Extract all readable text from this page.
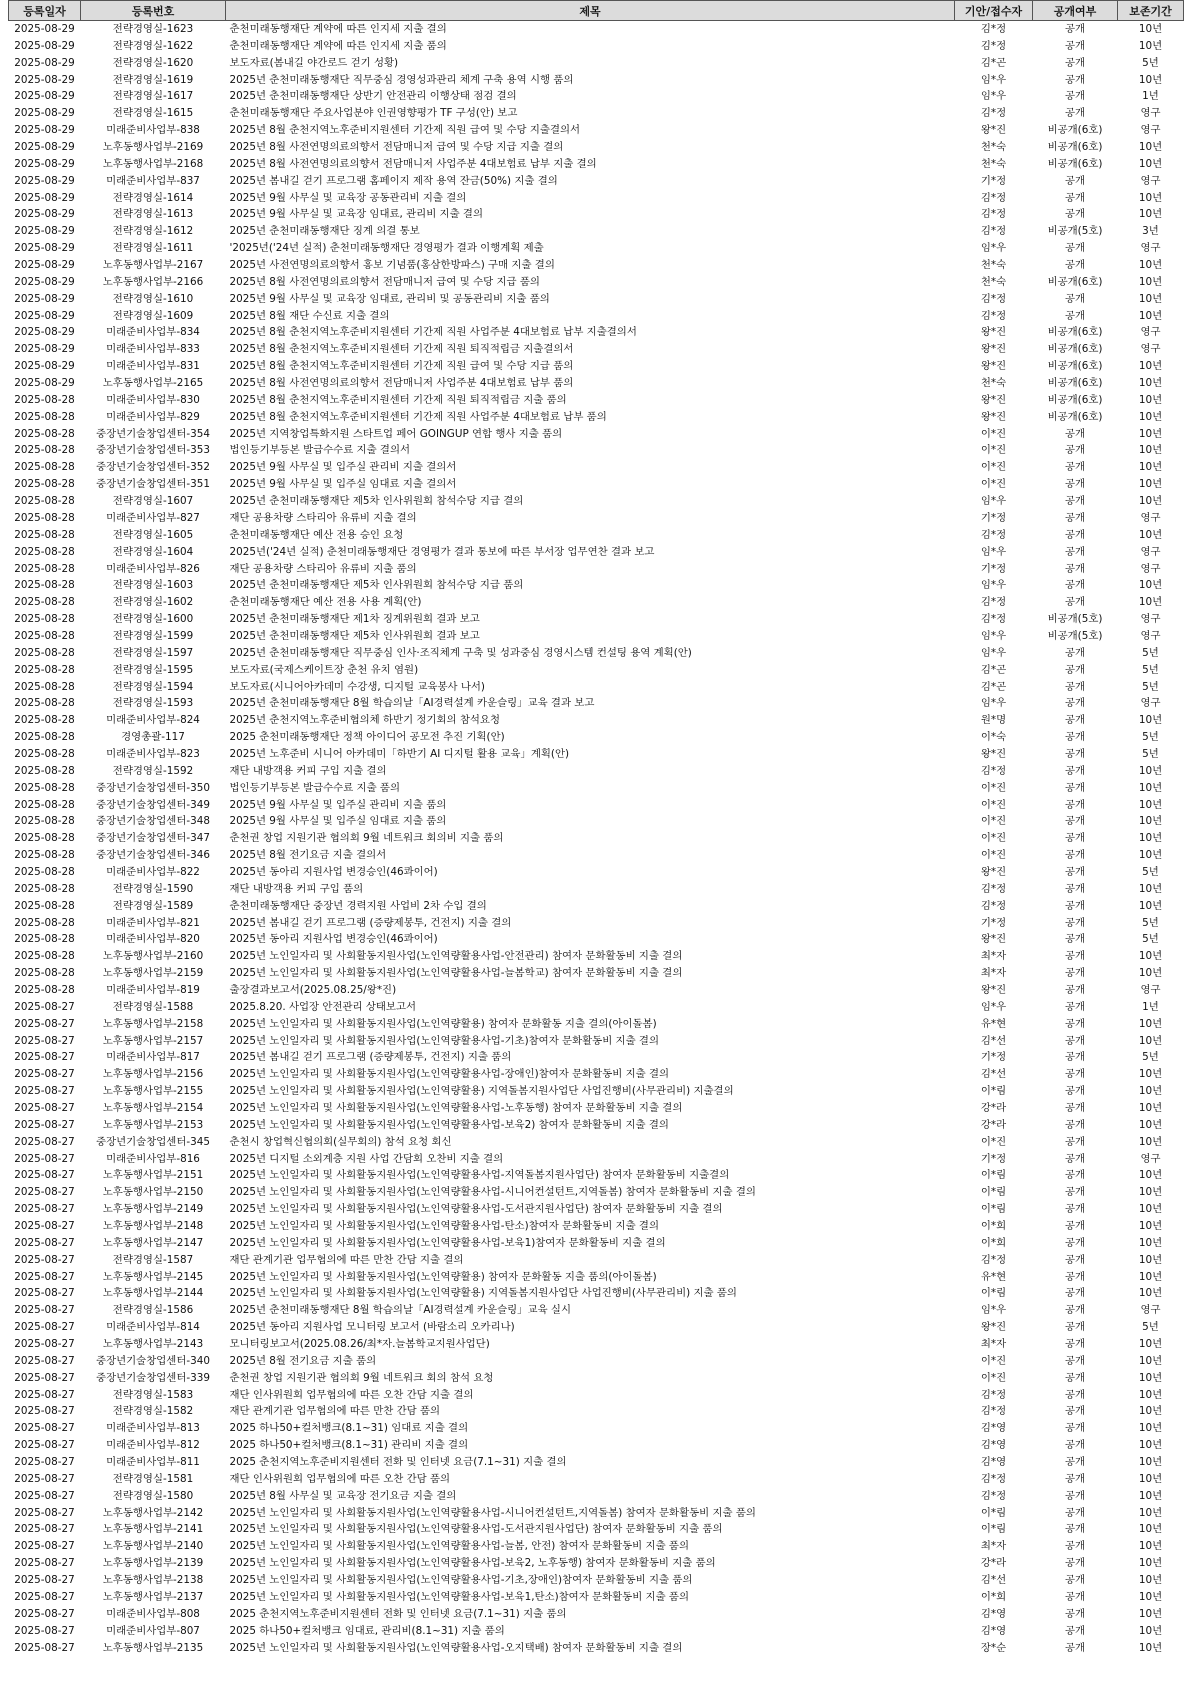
등록일자	등록번호	제목	기안/접수자	공개여부	보존기간
2025-08-29	전략경영실-1623	춘천미래동행재단 계약에 따른 인지세 지출 결의	김*정	공개	10년
2025-08-29	전략경영실-1622	춘천미래동행재단 계약에 따른 인지세 지출 품의	김*정	공개	10년
2025-08-29	전략경영실-1620	보도자료(봄내길 야간로드 걷기 성황)	김*곤	공개	5년
2025-08-29	전략경영실-1619	2025년 춘천미래동행재단 직무중심 경영성과관리 체계 구축 용역 시행 품의	임*우	공개	10년
2025-08-29	전략경영실-1617	2025년 춘천미래동행재단 상반기 안전관리 이행상태 점검 결의	임*우	공개	1년
2025-08-29	전략경영실-1615	춘천미래동행재단 주요사업분야 인권영향평가 TF 구성(안) 보고	김*정	공개	영구
2025-08-29	미래준비사업부-838	2025년 8월 춘천지역노후준비지원센터 기간제 직원 급여 및 수당 지출결의서	왕*진	비공개(6호)	영구
2025-08-29	노후동행사업부-2169	2025년 8월 사전연명의료의향서 전담매니저 급여 및 수당 지급 지출 결의	천*숙	비공개(6호)	10년
2025-08-29	노후동행사업부-2168	2025년 8월 사전연명의료의향서 전담매니저 사업주분 4대보험료 납부 지출 결의	천*숙	비공개(6호)	10년
2025-08-29	미래준비사업부-837	2025년 봄내길 걷기 프로그램 홈페이지 제작 용역 잔금(50%) 지출 결의	기*정	공개	영구
2025-08-29	전략경영실-1614	2025년 9월 사무실 및 교육장 공동관리비 지출 결의	김*정	공개	10년
2025-08-29	전략경영실-1613	2025년 9월 사무실 및 교육장 임대료, 관리비 지출 결의	김*정	공개	10년
2025-08-29	전략경영실-1612	2025년 춘천미래동행재단 징계 의결 통보	김*정	비공개(5호)	3년
2025-08-29	전략경영실-1611	'2025년('24년 실적) 춘천미래동행재단 경영평가 결과 이행계획 제출	임*우	공개	영구
2025-08-29	노후동행사업부-2167	2025년 사전연명의료의향서 홍보 기념품(홍삼한방파스) 구매 지출 결의	천*숙	공개	10년
2025-08-29	노후동행사업부-2166	2025년 8월 사전연명의료의향서 전담매니저 급여 및 수당 지급 품의	천*숙	비공개(6호)	10년
2025-08-29	전략경영실-1610	2025년 9월 사무실 및 교육장 임대료, 관리비 및 공동관리비 지출 품의	김*정	공개	10년
2025-08-29	전략경영실-1609	2025년 8월 재단 수신료 지출 결의	김*정	공개	10년
2025-08-29	미래준비사업부-834	2025년 8월 춘천지역노후준비지원센터 기간제 직원 사업주분 4대보험료 납부 지출결의서	왕*진	비공개(6호)	영구
2025-08-29	미래준비사업부-833	2025년 8월 춘천지역노후준비지원센터 기간제 직원 퇴직적립금 지출결의서	왕*진	비공개(6호)	영구
2025-08-29	미래준비사업부-831	2025년 8월 춘천지역노후준비지원센터 기간제 직원 급여 및 수당 지급 품의	왕*진	비공개(6호)	10년
2025-08-29	노후동행사업부-2165	2025년 8월 사전연명의료의향서 전담매니저 사업주분 4대보험료 납부 품의	천*숙	비공개(6호)	10년
2025-08-28	미래준비사업부-830	2025년 8월 춘천지역노후준비지원센터 기간제 직원 퇴직적립금 지출 품의	왕*진	비공개(6호)	10년
2025-08-28	미래준비사업부-829	2025년 8월 춘천지역노후준비지원센터 기간제 직원 사업주분 4대보험료 납부 품의	왕*진	비공개(6호)	10년
2025-08-28	중장년기술창업센터-354	2025년 지역창업특화지원 스타트업 페어 GOINGUP 연합 행사 지출 품의	이*진	공개	10년
2025-08-28	중장년기술창업센터-353	법인등기부등본 발급수수료 지출 결의서	이*진	공개	10년
2025-08-28	중장년기술창업센터-352	2025년 9월 사무실 및 입주실 관리비 지출 결의서	이*진	공개	10년
2025-08-28	중장년기술창업센터-351	2025년 9월 사무실 및 입주실 임대료 지출 결의서	이*진	공개	10년
2025-08-28	전략경영실-1607	2025년 춘천미래동행재단 제5차 인사위원회 참석수당 지급 결의	임*우	공개	10년
2025-08-28	미래준비사업부-827	재단 공용차량 스타리아 유류비 지출 결의	기*정	공개	영구
2025-08-28	전략경영실-1605	춘천미래동행재단 예산 전용 승인 요청	김*정	공개	10년
2025-08-28	전략경영실-1604	2025년('24년 실적) 춘천미래동행재단 경영평가 결과 통보에 따른 부서장 업무연찬 결과 보고	임*우	공개	영구
2025-08-28	미래준비사업부-826	재단 공용차량 스타리아 유류비 지출 품의	기*정	공개	영구
2025-08-28	전략경영실-1603	2025년 춘천미래동행재단 제5차 인사위원회 참석수당 지급 품의	임*우	공개	10년
2025-08-28	전략경영실-1602	춘천미래동행재단 예산 전용 사용 계획(안)	김*정	공개	10년
2025-08-28	전략경영실-1600	2025년 춘천미래동행재단 제1차 징계위원회 결과 보고	김*정	비공개(5호)	영구
2025-08-28	전략경영실-1599	2025년 춘천미래동행재단 제5차 인사위원회 결과 보고	임*우	비공개(5호)	영구
2025-08-28	전략경영실-1597	2025년 춘천미래동행재단 직무중심 인사·조직체계 구축 및 성과중심 경영시스템 컨설팅 용역 계획(안)	임*우	공개	5년
2025-08-28	전략경영실-1595	보도자료(국제스케이트장 춘천 유치 염원)	김*곤	공개	5년
2025-08-28	전략경영실-1594	보도자료(시니어아카데미 수강생, 디지털 교육봉사 나서)	김*곤	공개	5년
2025-08-28	전략경영실-1593	2025년 춘천미래동행재단 8월 학습의날「AI경력설계 카운슬링」교육 결과 보고	임*우	공개	영구
2025-08-28	미래준비사업부-824	2025년 춘천지역노후준비협의체 하반기 정기회의 참석요청	원*명	공개	10년
2025-08-28	경영총괄-117	2025 춘천미래동행재단 정책 아이디어 공모전 추진 기획(안)	이*숙	공개	5년
2025-08-28	미래준비사업부-823	2025년 노후준비 시니어 아카데미「하반기 AI 디지털 활용 교육」계획(안)	왕*진	공개	5년
2025-08-28	전략경영실-1592	재단 내방객용 커피 구입 지출 결의	김*정	공개	10년
2025-08-28	중장년기술창업센터-350	법인등기부등본 발급수수료 지출 품의	이*진	공개	10년
2025-08-28	중장년기술창업센터-349	2025년 9월 사무실 및 입주실 관리비 지출 품의	이*진	공개	10년
2025-08-28	중장년기술창업센터-348	2025년 9월 사무실 및 입주실 임대료 지출 품의	이*진	공개	10년
2025-08-28	중장년기술창업센터-347	춘천권 창업 지원기관 협의회 9월 네트워크 회의비 지출 품의	이*진	공개	10년
2025-08-28	중장년기술창업센터-346	2025년 8월 전기요금 지출 결의서	이*진	공개	10년
2025-08-28	미래준비사업부-822	2025년 동아리 지원사업 변경승인(46콰이어)	왕*진	공개	5년
2025-08-28	전략경영실-1590	재단 내방객용 커피 구입 품의	김*정	공개	10년
2025-08-28	전략경영실-1589	춘천미래동행재단 중장년 경력지원 사업비 2차 수입 결의	김*정	공개	10년
2025-08-28	미래준비사업부-821	2025년 봄내길 걷기 프로그램 (증량제봉투, 건전지) 지출 결의	기*정	공개	5년
2025-08-28	미래준비사업부-820	2025년 동아리 지원사업 변경승인(46콰이어)	왕*진	공개	5년
2025-08-28	노후동행사업부-2160	2025년 노인일자리 및 사회활동지원사업(노인역량활용사업-안전관리) 참여자 문화활동비 지출 결의	최*자	공개	10년
2025-08-28	노후동행사업부-2159	2025년 노인일자리 및 사회활동지원사업(노인역량활용사업-늘봄학교) 참여자 문화활동비 지출 결의	최*자	공개	10년
2025-08-28	미래준비사업부-819	출장결과보고서(2025.08.25/왕*진)	왕*진	공개	영구
2025-08-27	전략경영실-1588	2025.8.20. 사업장 안전관리 상태보고서	임*우	공개	1년
2025-08-27	노후동행사업부-2158	2025년 노인일자리 및 사회활동지원사업(노인역량활용) 참여자 문화활동 지출 결의(아이돌봄)	유*현	공개	10년
2025-08-27	노후동행사업부-2157	2025년 노인일자리 및 사회활동지원사업(노인역량활용사업-기초)참여자 문화활동비 지출 결의	김*선	공개	10년
2025-08-27	미래준비사업부-817	2025년 봄내길 걷기 프로그램 (증량제봉투, 건전지) 지출 품의	기*정	공개	5년
2025-08-27	노후동행사업부-2156	2025년 노인일자리 및 사회활동지원사업(노인역량활용사업-장애인)참여자 문화활동비 지출 결의	김*선	공개	10년
2025-08-27	노후동행사업부-2155	2025년 노인일자리 및 사회활동지원사업(노인역량활용) 지역돌봄지원사업단 사업진행비(사무관리비) 지출결의	이*림	공개	10년
2025-08-27	노후동행사업부-2154	2025년 노인일자리 및 사회활동지원사업(노인역량활용사업-노후동행) 참여자 문화활동비 지출 결의	강*라	공개	10년
2025-08-27	노후동행사업부-2153	2025년 노인일자리 및 사회활동지원사업(노인역량활용사업-보육2) 참여자 문화활동비 지출 결의	강*라	공개	10년
2025-08-27	중장년기술창업센터-345	춘천시 창업혁신협의회(실무회의) 참석 요청 회신	이*진	공개	10년
2025-08-27	미래준비사업부-816	2025년 디지털 소외계층 지원 사업 간담회 오찬비 지출 결의	기*정	공개	영구
2025-08-27	노후동행사업부-2151	2025년 노인일자리 및 사회활동지원사업(노인역량활용사업-지역돌봄지원사업단) 참여자 문화활동비 지출결의	이*림	공개	10년
2025-08-27	노후동행사업부-2150	2025년 노인일자리 및 사회활동지원사업(노인역량활용사업-시니어컨설턴트,지역돌봄) 참여자 문화활동비 지출 결의	이*림	공개	10년
2025-08-27	노후동행사업부-2149	2025년 노인일자리 및 사회활동지원사업(노인역량활용사업-도서관지원사업단) 참여자 문화활동비 지출 결의	이*림	공개	10년
2025-08-27	노후동행사업부-2148	2025년 노인일자리 및 사회활동지원사업(노인역량활용사업-탄소)참여자 문화활동비 지출 결의	이*희	공개	10년
2025-08-27	노후동행사업부-2147	2025년 노인일자리 및 사회활동지원사업(노인역량활용사업-보육1)참여자 문화활동비 지출 결의	이*희	공개	10년
2025-08-27	전략경영실-1587	재단 관계기관 업무협의에 따른 만찬 간담 지출 결의	김*정	공개	10년
2025-08-27	노후동행사업부-2145	2025년 노인일자리 및 사회활동지원사업(노인역량활용) 참여자 문화활동 지출 품의(아이돌봄)	유*현	공개	10년
2025-08-27	노후동행사업부-2144	2025년 노인일자리 및 사회활동지원사업(노인역량활용) 지역돌봄지원사업단 사업진행비(사무관리비) 지출 품의	이*림	공개	10년
2025-08-27	전략경영실-1586	2025년 춘천미래동행재단 8월 학습의날「AI경력설계 카운슬링」교육 실시	임*우	공개	영구
2025-08-27	미래준비사업부-814	2025년 동아리 지원사업 모니터링 보고서 (바람소리 오카리나)	왕*진	공개	5년
2025-08-27	노후동행사업부-2143	모니터링보고서(2025.08.26/최*자.늘봄학교지원사업단)	최*자	공개	10년
2025-08-27	중장년기술창업센터-340	2025년 8월 전기요금 지출 품의	이*진	공개	10년
2025-08-27	중장년기술창업센터-339	춘천권 창업 지원기관 협의회 9월 네트워크 회의 참석 요청	이*진	공개	10년
2025-08-27	전략경영실-1583	재단 인사위원회 업무협의에 따른 오찬 간담 지출 결의	김*정	공개	10년
2025-08-27	전략경영실-1582	재단 관계기관 업무협의에 따른 만찬 간담 품의	김*정	공개	10년
2025-08-27	미래준비사업부-813	2025 하나50+컬처뱅크(8.1~31) 임대료 지출 결의	김*영	공개	10년
2025-08-27	미래준비사업부-812	2025 하나50+컬처뱅크(8.1~31) 관리비 지출 결의	김*영	공개	10년
2025-08-27	미래준비사업부-811	2025 춘천지역노후준비지원센터 전화 및 인터넷 요금(7.1~31) 지출 결의	김*영	공개	10년
2025-08-27	전략경영실-1581	재단 인사위원회 업무협의에 따른 오찬 간담 품의	김*정	공개	10년
2025-08-27	전략경영실-1580	2025년 8월 사무실 및 교육장 전기요금 지출 결의	김*정	공개	10년
2025-08-27	노후동행사업부-2142	2025년 노인일자리 및 사회활동지원사업(노인역량활용사업-시니어컨설턴트,지역돌봄) 참여자 문화활동비 지출 품의	이*림	공개	10년
2025-08-27	노후동행사업부-2141	2025년 노인일자리 및 사회활동지원사업(노인역량활용사업-도서관지원사업단) 참여자 문화활동비 지출 품의	이*림	공개	10년
2025-08-27	노후동행사업부-2140	2025년 노인일자리 및 사회활동지원사업(노인역량활용사업-늘봄, 안전) 참여자 문화활동비 지출 품의	최*자	공개	10년
2025-08-27	노후동행사업부-2139	2025년 노인일자리 및 사회활동지원사업(노인역량활용사업-보육2, 노후동행) 참여자 문화활동비 지출 품의	강*라	공개	10년
2025-08-27	노후동행사업부-2138	2025년 노인일자리 및 사회활동지원사업(노인역량활용사업-기초,장애인)참여자 문화활동비 지출 품의	김*선	공개	10년
2025-08-27	노후동행사업부-2137	2025년 노인일자리 및 사회활동지원사업(노인역량활용사업-보육1,탄소)참여자 문화활동비 지출 품의	이*희	공개	10년
2025-08-27	미래준비사업부-808	2025 춘천지역노후준비지원센터 전화 및 인터넷 요금(7.1~31) 지출 품의	김*영	공개	10년
2025-08-27	미래준비사업부-807	2025 하나50+컬처뱅크 임대료, 관리비(8.1~31) 지출 품의	김*영	공개	10년
2025-08-27	노후동행사업부-2135	2025년 노인일자리 및 사회활동지원사업(노인역량활용사업-오지택배) 참여자 문화활동비 지출 결의	장*순	공개	10년
